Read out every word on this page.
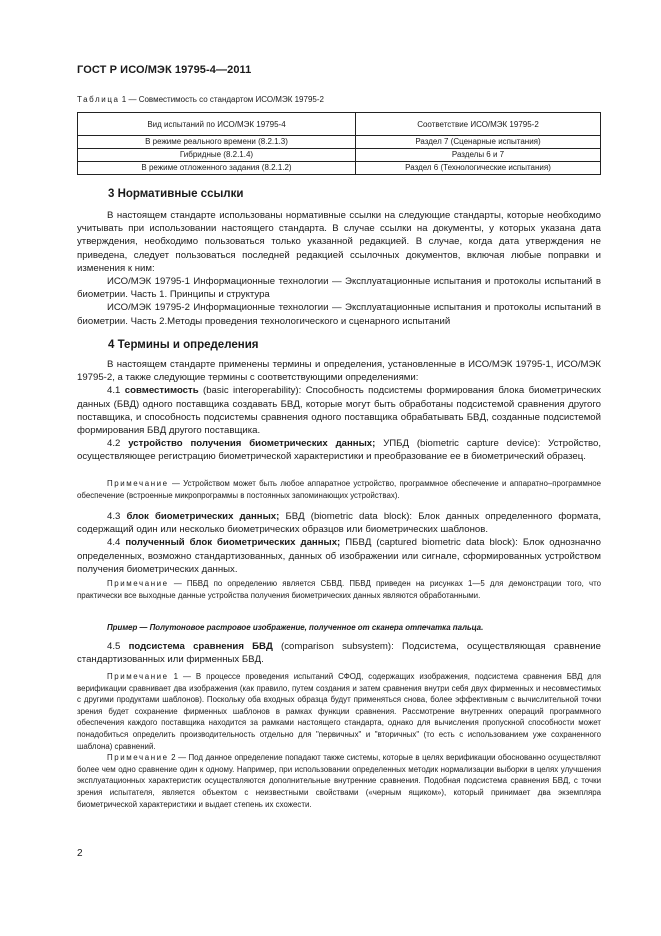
ГОСТ Р ИСО/МЭК 19795-4—2011
Таблица 1 — Совместимость со стандартом ИСО/МЭК 19795-2
Вид испытаний по ИСО/МЭК 19795-4	Соответствие ИСО/МЭК 19795-2
В режиме реального времени (8.2.1.3)	Раздел 7 (Сценарные испытания)
Гибридные (8.2.1.4)	Разделы 6 и 7
В режиме отложенного задания (8.2.1.2)	Раздел 6 (Технологические испытания)
3 Нормативные ссылки

В настоящем стандарте использованы нормативные ссылки на следующие стандарты, которые необходимо учитывать при использовании настоящего стандарта. В случае ссылки на документы, у которых указана дата утверждения, необходимо пользоваться только указанной редакцией. В случае, когда дата утверждения не приведена, следует пользоваться последней редакцией ссылочных документов, включая любые поправки и изменения к ним:

ИСО/МЭК 19795-1 Информационные технологии — Эксплуатационные испытания и протоколы испытаний в биометрии. Часть 1. Принципы и структура

ИСО/МЭК 19795-2 Информационные технологии — Эксплуатационные испытания и протоколы испытаний в биометрии. Часть 2.Методы проведения технологического и сценарного испытаний

4 Термины и определения

В настоящем стандарте применены термины и определения, установленные в ИСО/МЭК 19795-1, ИСО/МЭК 19795-2, а также следующие термины с соответствующими определениями:

4.1 совместимость (basic interoperability): Способность подсистемы формирования блока биометрических данных (БBД) одного поставщика создавать БBД, которые могут быть обработаны подсистемой сравнения другого поставщика, и способность подсистемы сравнения одного поставщика обрабатывать БBД, созданные подсистемой формирования БBД другого поставщика.

4.2 устройство получения биометрических данных; УПБД (biometric capture device): Устройство, осуществляющее регистрацию биометрической характеристики и преобразование ее в биометрический образец.

Примечание — Устройством может быть любое аппаратное устройство, программное обеспечение и аппаратно–программное обеспечение (встроенные микропрограммы в постоянных запоминающих устройствах).

4.3 блок биометрических данных; БBД (biometric data block): Блок данных определенного формата, содержащий один или несколько биометрических образцов или биометрических шаблонов.

4.4 полученный блок биометрических данных; ПБBД (captured biometric data block): Блок однозначно определенных, возможно стандартизованных, данных об изображении или сигнале, сформированных устройством получения биометрических данных.

Примечание — ПБBД по определению является СБBД. ПБBД приведен на рисунках 1—5 для демонстрации того, что практически все выходные данные устройства получения биометрических данных являются обработанными.

Пример — Полутоновое растровое изображение, полученное от сканера отпечатка пальца.

4.5 подсистема сравнения БBД (comparison subsystem): Подсистема, осуществляющая сравнение стандартизованных или фирменных БBД.

Примечание 1 — В процессе проведения испытаний СФОД, содержащих изображения, подсистема сравнения БBД для верификации сравнивает два изображения (как правило, путем создания и затем сравнения внутри себя двух фирменных и несовместимых с другими продуктами шаблонов). Поскольку оба входных образца будут применяться снова, более эффективным с вычислительной точки зрения будет сохранение фирменных шаблонов в рамках функции сравнения. Рассмотрение внутренних операций программного обеспечения каждого поставщика находится за рамками настоящего стандарта, однако для вычисления пропускной способности может понадобиться определить производительность отдельно для "первичных" и "вторичных" (то есть с использованием уже сохраненного шаблона) сравнений.

Примечание 2 — Под данное определение попадают также системы, которые в целях верификации обоснованно осуществляют более чем одно сравнение один к одному. Например, при использовании определенных методик нормализации выборки в целях улучшения эксплуатационных характеристик осуществляются дополнительные внутренние сравнения. Подобная подсистема сравнения БBД, с точки зрения испытателя, является объектом с неизвестными свойствами («черным ящиком»), который принимает два экземпляра биометрической характеристики и выдает степень их схожести.

2
